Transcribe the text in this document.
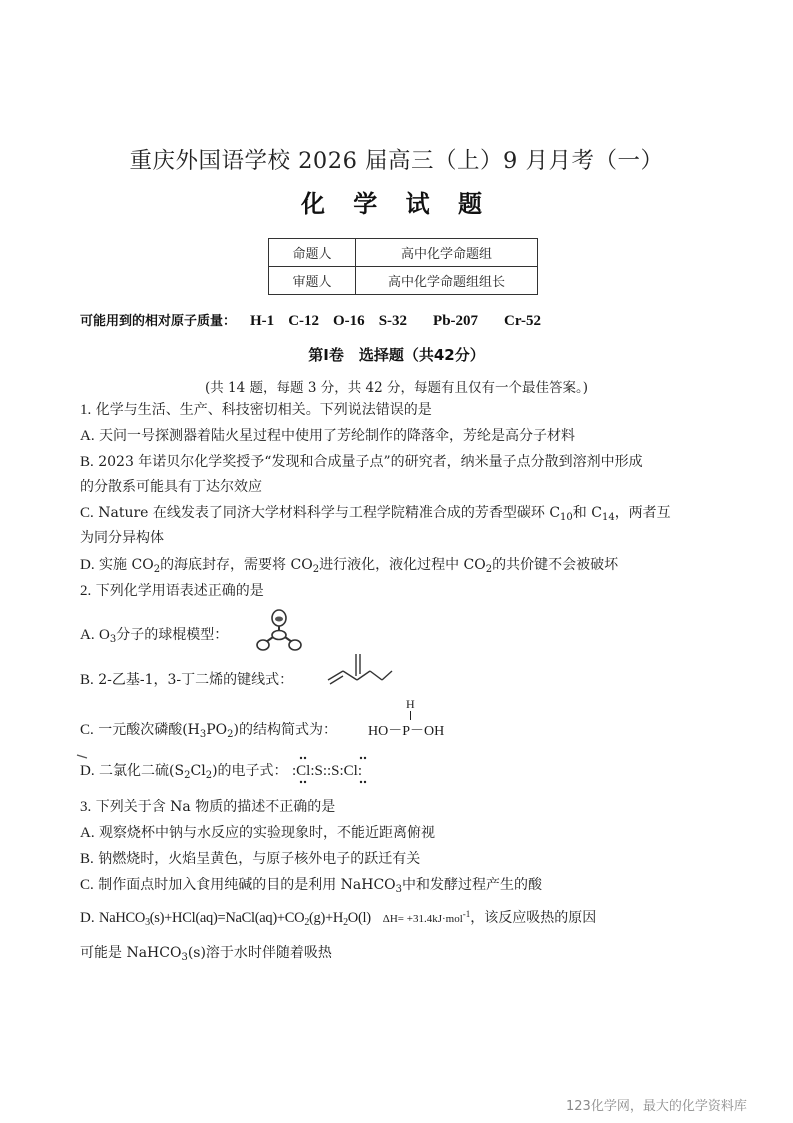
重庆外国语学校 2026 届高三（上）9 月月考（一）
化 学 试 题
命题人	高中化学命题组
审题人	高中化学命题组组长
可能用到的相对原子质量： H-1 C-12 O-16 S-32 Pb-207 Cr-52
第Ⅰ卷　选择题（共42分）
(共 14 题，每题 3 分，共 42 分，每题有且仅有一个最佳答案。)
1. 化学与生活、生产、科技密切相关。下列说法错误的是
A. 天问一号探测器着陆火星过程中使用了芳纶制作的降落伞，芳纶是高分子材料
B. 2023 年诺贝尔化学奖授予“发现和合成量子点”的研究者，纳米量子点分散到溶剂中形成
的分散系可能具有丁达尔效应
C. Nature 在线发表了同济大学材料科学与工程学院精准合成的芳香型碳环 $C_{10}$和 $C_{14}$，两者互
为同分异构体
D. 实施 $CO_2$的海底封存，需要将 $CO_2$进行液化，液化过程中 $CO_2$的共价键不会被破坏
2. 下列化学用语表述正确的是
A. $O_3$分子的球棍模型：
B. 2-乙基-1，3-丁二烯的键线式：
C. 一元酸次磷酸$(H_3PO_2)$的结构简式为：
H
HO－P－OH
D. 二氯化二硫$(S_2Cl_2)$的电子式： :Cl:S::S:Cl:
3. 下列关于含 Na 物质的描述不正确的是
A. 观察烧杯中钠与水反应的实验现象时，不能近距离俯视
B. 钠燃烧时，火焰呈黄色，与原子核外电子的跃迁有关
C. 制作面点时加入食用纯碱的目的是利用 NaHCO$_3$中和发酵过程产生的酸
D. $NaHCO_3(s)+HCl(aq)=NaCl(aq)+CO_2(g)+H_2O(l)$ ΔH= +31.4kJ·mol$^{-1}$，该反应吸热的原因
可能是 NaHCO$_3$(s)溶于水时伴随着吸热
123化学网，最大的化学资料库
